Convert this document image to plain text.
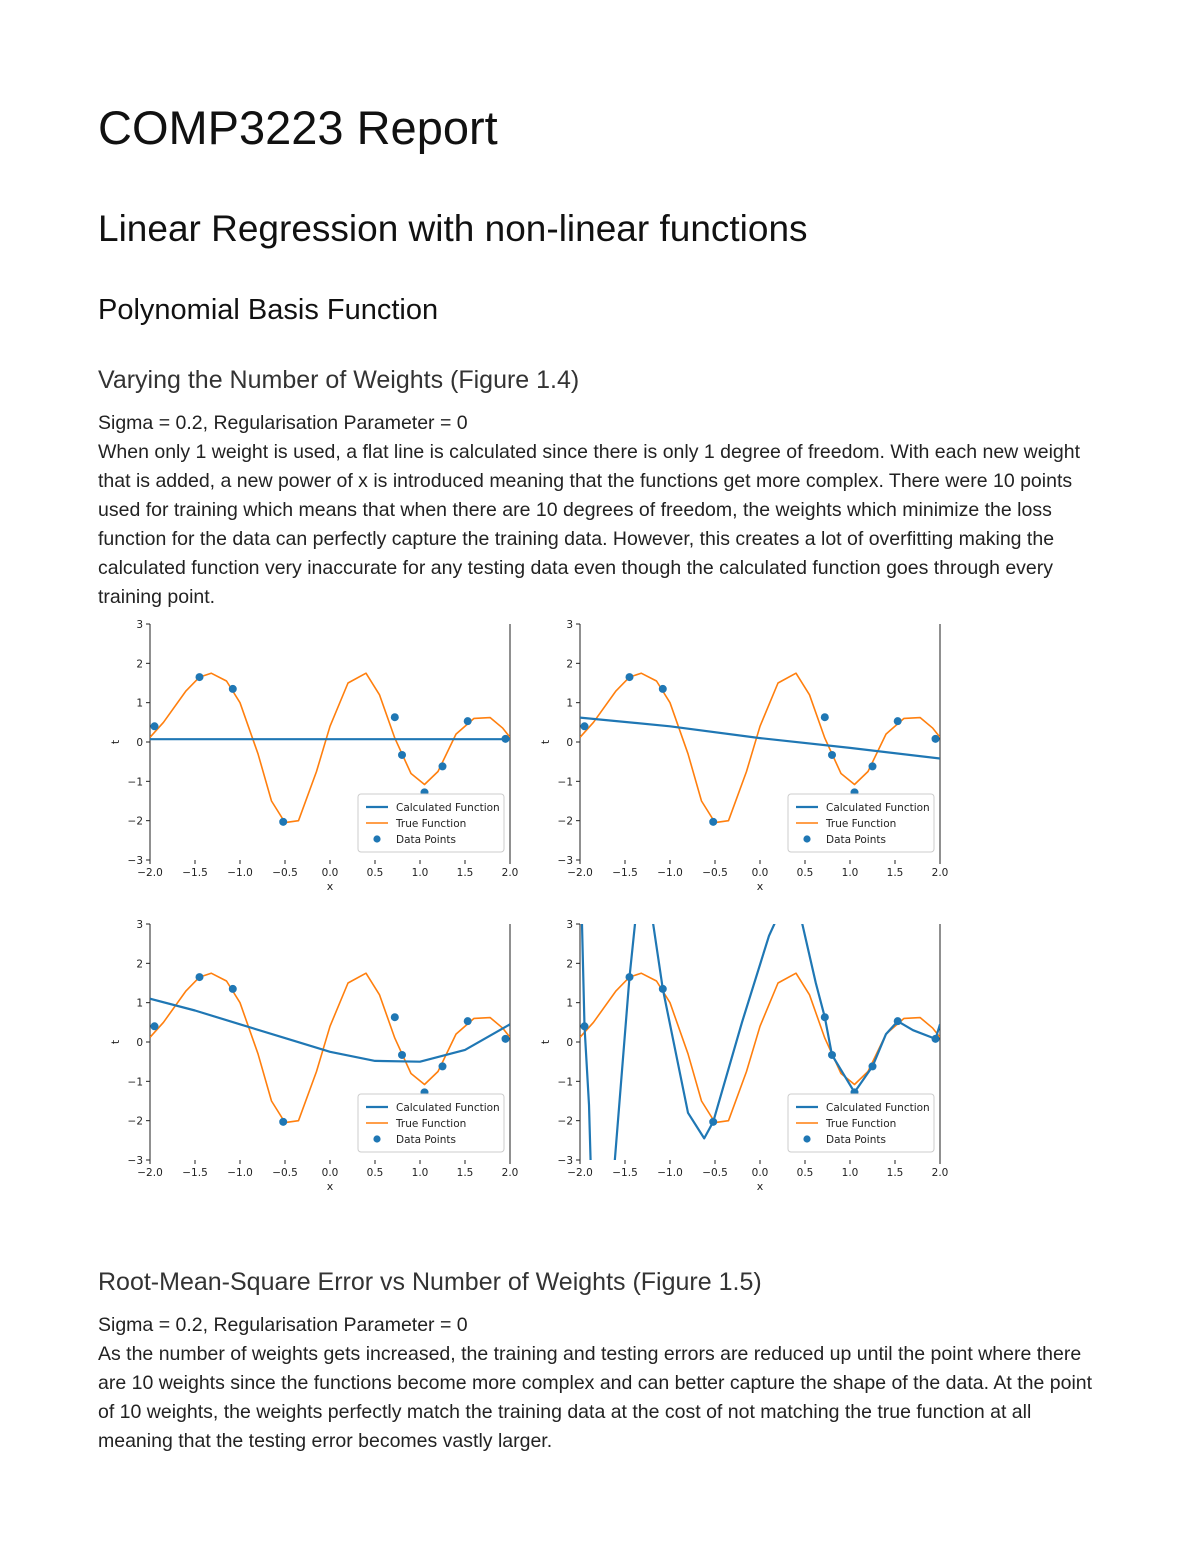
COMP3223 Report
Linear Regression with non-linear functions
Polynomial Basis Function
Varying the Number of Weights (Figure 1.4)

Sigma = 0.2, Regularisation Parameter = 0

When only 1 weight is used, a flat line is calculated since there is only 1 degree of freedom. With each new weight that is added, a new power of x is introduced meaning that the functions get more complex. There were 10 points used for training which means that when there are 10 degrees of freedom, the weights which minimize the loss function for the data can perfectly capture the training data. However, this creates a lot of overfitting making the calculated function very inaccurate for any testing data even though the calculated function goes through every training point.

Root-Mean-Square Error vs Number of Weights (Figure 1.5)

Sigma = 0.2, Regularisation Parameter = 0

As the number of weights gets increased, the training and testing errors are reduced up until the point where there are 10 weights since the functions become more complex and can better capture the shape of the data. At the point of 10 weights, the weights perfectly match the training data at the cost of not matching the true function at all meaning that the testing error becomes vastly larger.

−2.0 −1.5 −1.0 −0.5 0.0	0.5	1.0	1.5	2.0
−3
−2
−1
0
1
2
3
x
t
Calculated Function
True Function
Data Points
−2.0 −1.5 −1.0 −0.5 0.0	0.5	1.0	1.5	2.0
−3
−2
−1
0
1
2
3
x
t
Calculated Function
True Function
Data Points
−2.0 −1.5 −1.0 −0.5 0.0	0.5	1.0	1.5	2.0
−3
−2
−1
0
1
2
3
x
t
Calculated Function
True Function
Data Points
−2.0 −1.5 −1.0 −0.5 0.0	0.5	1.0	1.5	2.0
−3
−2
−1
0
1
2
3
x
t
Calculated Function
True Function
Data Points
